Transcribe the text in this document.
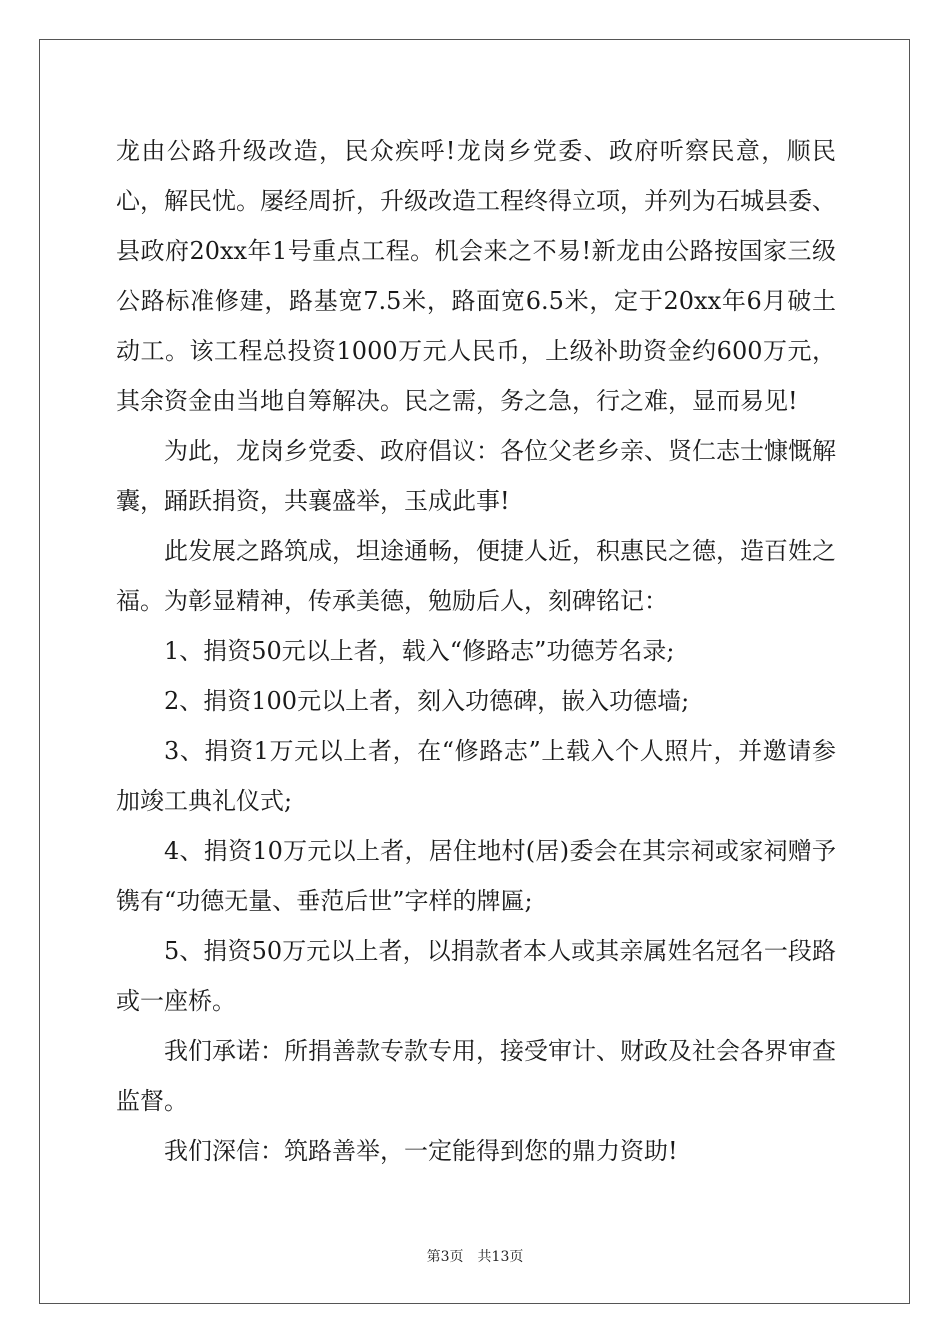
龙由公路升级改造，民众疾呼!龙岗乡党委、政府听察民意，顺民心，解民忧。屡经周折，升级改造工程终得立项，并列为石城县委、县政府20xx年1号重点工程。机会来之不易!新龙由公路按国家三级公路标准修建，路基宽7.5米，路面宽6.5米，定于20xx年6月破土动工。该工程总投资1000万元人民币，上级补助资金约600万元，其余资金由当地自筹解决。民之需，务之急，行之难，显而易见!

为此，龙岗乡党委、政府倡议：各位父老乡亲、贤仁志士慷慨解囊，踊跃捐资，共襄盛举，玉成此事!

此发展之路筑成，坦途通畅，便捷人近，积惠民之德，造百姓之福。为彰显精神，传承美德，勉励后人，刻碑铭记：

1、捐资50元以上者，载入“修路志”功德芳名录;

2、捐资100元以上者，刻入功德碑，嵌入功德墙;

3、捐资1万元以上者，在“修路志”上载入个人照片，并邀请参加竣工典礼仪式;

4、捐资10万元以上者，居住地村(居)委会在其宗祠或家祠赠予镌有“功德无量、垂范后世”字样的牌匾;

5、捐资50万元以上者，以捐款者本人或其亲属姓名冠名一段路或一座桥。

我们承诺：所捐善款专款专用，接受审计、财政及社会各界审查监督。

我们深信：筑路善举，一定能得到您的鼎力资助!

第3页　共13页
